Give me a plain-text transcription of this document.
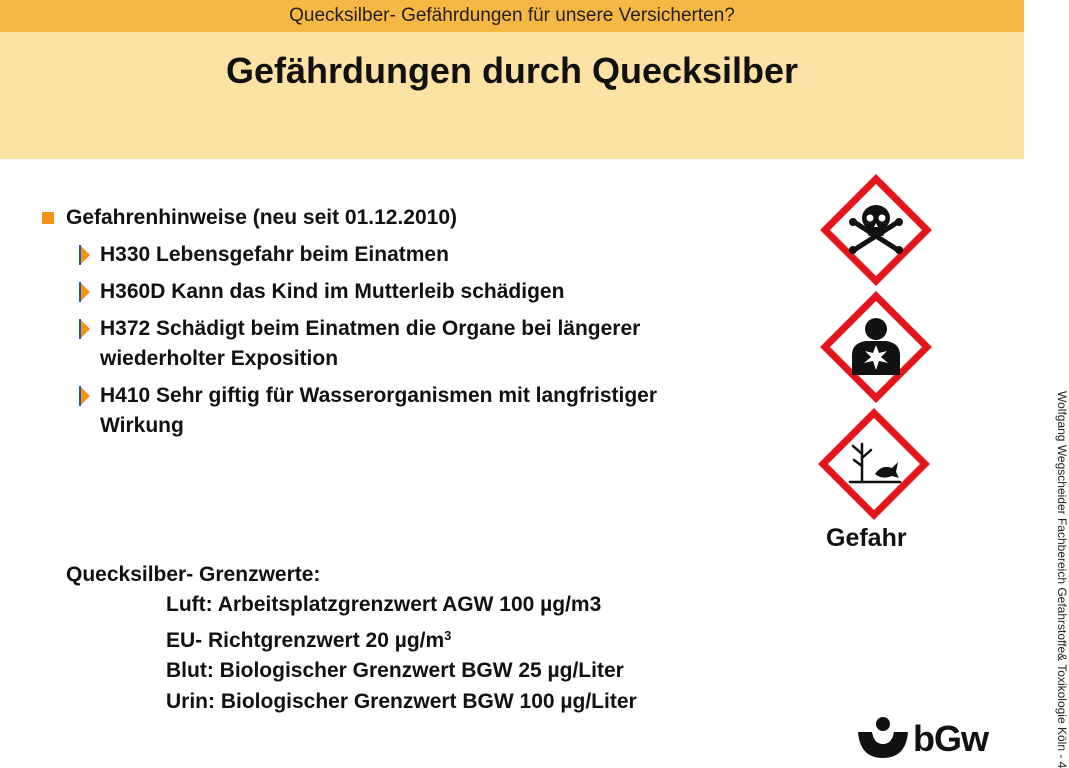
Quecksilber- Gefährdungen für unsere Versicherten?
Gefährdungen durch Quecksilber
Gefahrenhinweise (neu seit 01.12.2010)
H330 Lebensgefahr beim Einatmen
H360D Kann das Kind im Mutterleib schädigen
H372 Schädigt beim Einatmen die Organe bei längerer
wiederholter Exposition
H410 Sehr giftig für Wasserorganismen mit langfristiger
Wirkung
Gefahr
Quecksilber- Grenzwerte:
Luft: Arbeitsplatzgrenzwert AGW 100 µg/m3
EU- Richtgrenzwert 20 $\mu g/m^3$
Blut: Biologischer Grenzwert BGW 25 µg/Liter
Urin: Biologischer Grenzwert BGW 100 µg/Liter	Wolfgang Wegscheider Fachbereich Gefahrstoffe& Toxikologie Köln - 4
bGw
